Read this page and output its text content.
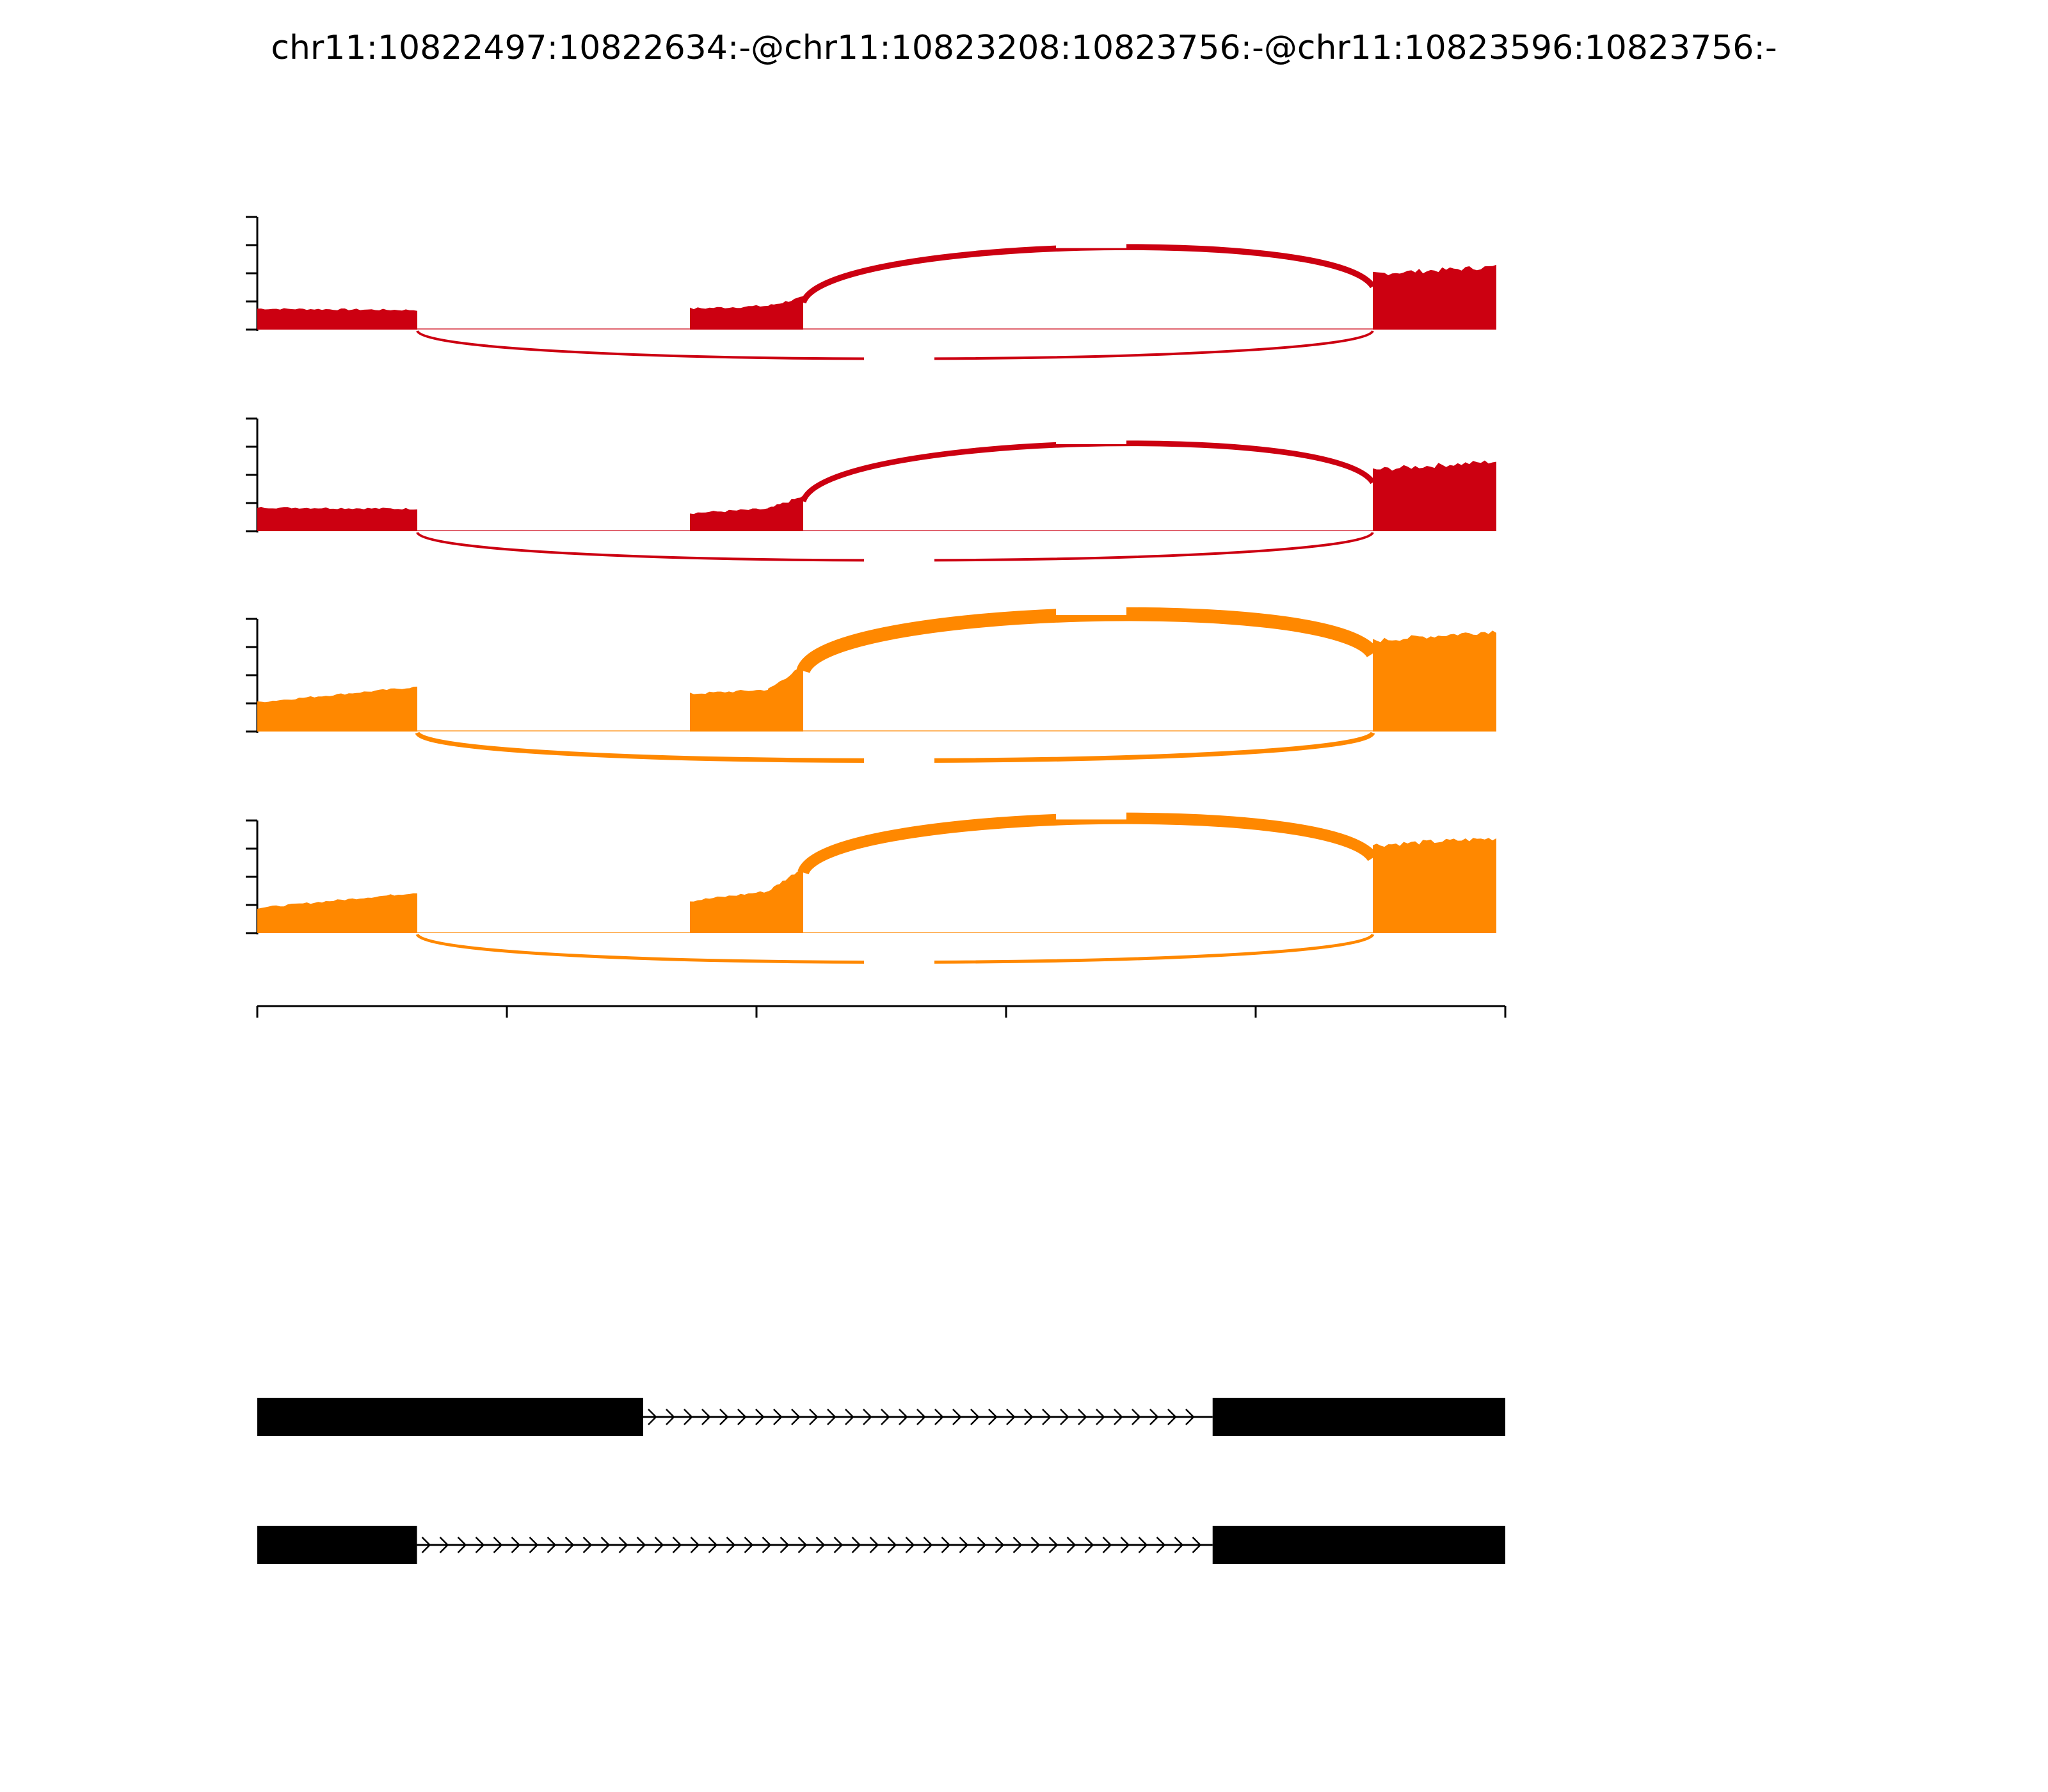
chr11:10822497:10822634:-@chr11:10823208:10823756:-@chr11:10823596:10823756:-
